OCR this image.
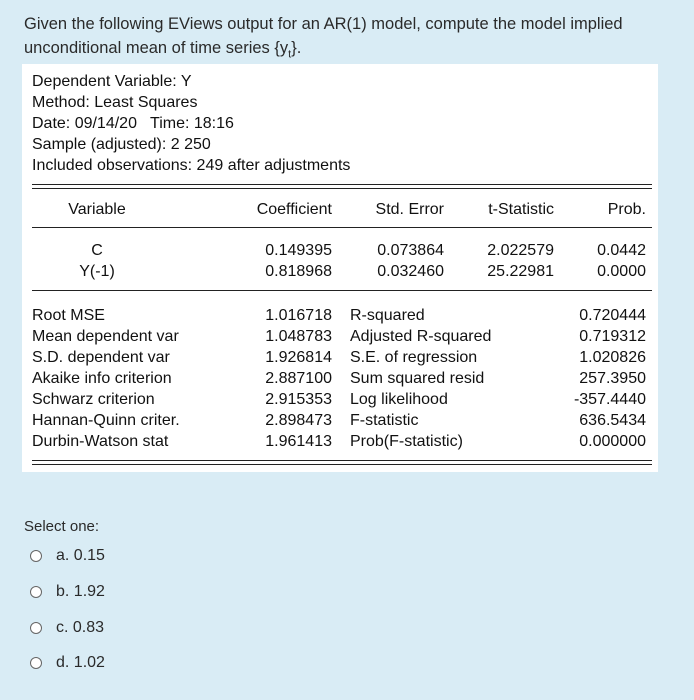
Given the following EViews output for an AR(1) model, compute the model implied unconditional mean of time series $\{y_t\}$.
Dependent Variable: Y
Method: Least Squares
Date: 09/14/20   Time: 18:16
Sample (adjusted): 2 250
Included observations: 249 after adjustments
Variable	Coefficient	Std. Error	t-Statistic	Prob.
C	0.149395	0.073864	2.022579	0.0442
Y(-1)	0.818968	0.032460	25.22981	0.0000
Root MSE	1.016718 R-squared	0.720444
Mean dependent var	1.048783 Adjusted R-squared	0.719312
S.D. dependent var	1.926814 S.E. of regression	1.020826
Akaike info criterion	2.887100 Sum squared resid	257.3950
Schwarz criterion	2.915353 Log likelihood	-357.4440
Hannan-Quinn criter.	2.898473 F-statistic	636.5434
Durbin-Watson stat	1.961413 Prob(F-statistic)	0.000000
Select one:
a.
0.15
b.
1.92
c.
0.83
d.
1.02
